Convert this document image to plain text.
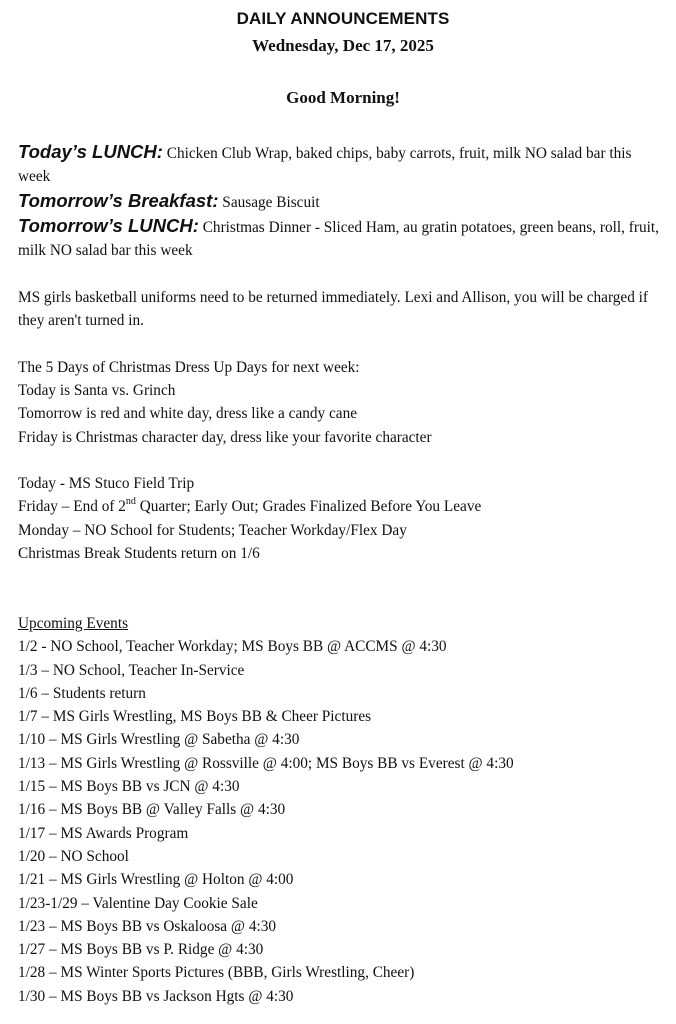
DAILY ANNOUNCEMENTS
Wednesday, Dec 17, 2025
Good Morning!

Today’s LUNCH: Chicken Club Wrap, baked chips, baby carrots, fruit, milk NO salad bar this week

Tomorrow’s Breakfast: Sausage Biscuit

Tomorrow’s LUNCH: Christmas Dinner - Sliced Ham, au gratin potatoes, green beans, roll, fruit, milk NO salad bar this week

MS girls basketball uniforms need to be returned immediately. Lexi and Allison, you will be charged if they aren't turned in.

The 5 Days of Christmas Dress Up Days for next week:

Today is Santa vs. Grinch

Tomorrow is red and white day, dress like a candy cane

Friday is Christmas character day, dress like your favorite character

Today - MS Stuco Field Trip

Friday – End of 2nd Quarter; Early Out; Grades Finalized Before You Leave

Monday – NO School for Students; Teacher Workday/Flex Day

Christmas Break Students return on 1/6

Upcoming Events

1/2 - NO School, Teacher Workday; MS Boys BB @ ACCMS @ 4:30

1/3 – NO School, Teacher In-Service

1/6 – Students return

1/7 – MS Girls Wrestling, MS Boys BB & Cheer Pictures

1/10 – MS Girls Wrestling @ Sabetha @ 4:30

1/13 – MS Girls Wrestling @ Rossville @ 4:00; MS Boys BB vs Everest @ 4:30

1/15 – MS Boys BB vs JCN @ 4:30

1/16 – MS Boys BB @ Valley Falls @ 4:30

1/17 – MS Awards Program

1/20 – NO School

1/21 – MS Girls Wrestling @ Holton @ 4:00

1/23-1/29 – Valentine Day Cookie Sale

1/23 – MS Boys BB vs Oskaloosa @ 4:30

1/27 – MS Boys BB vs P. Ridge @ 4:30

1/28 – MS Winter Sports Pictures (BBB, Girls Wrestling, Cheer)

1/30 – MS Boys BB vs Jackson Hgts @ 4:30
